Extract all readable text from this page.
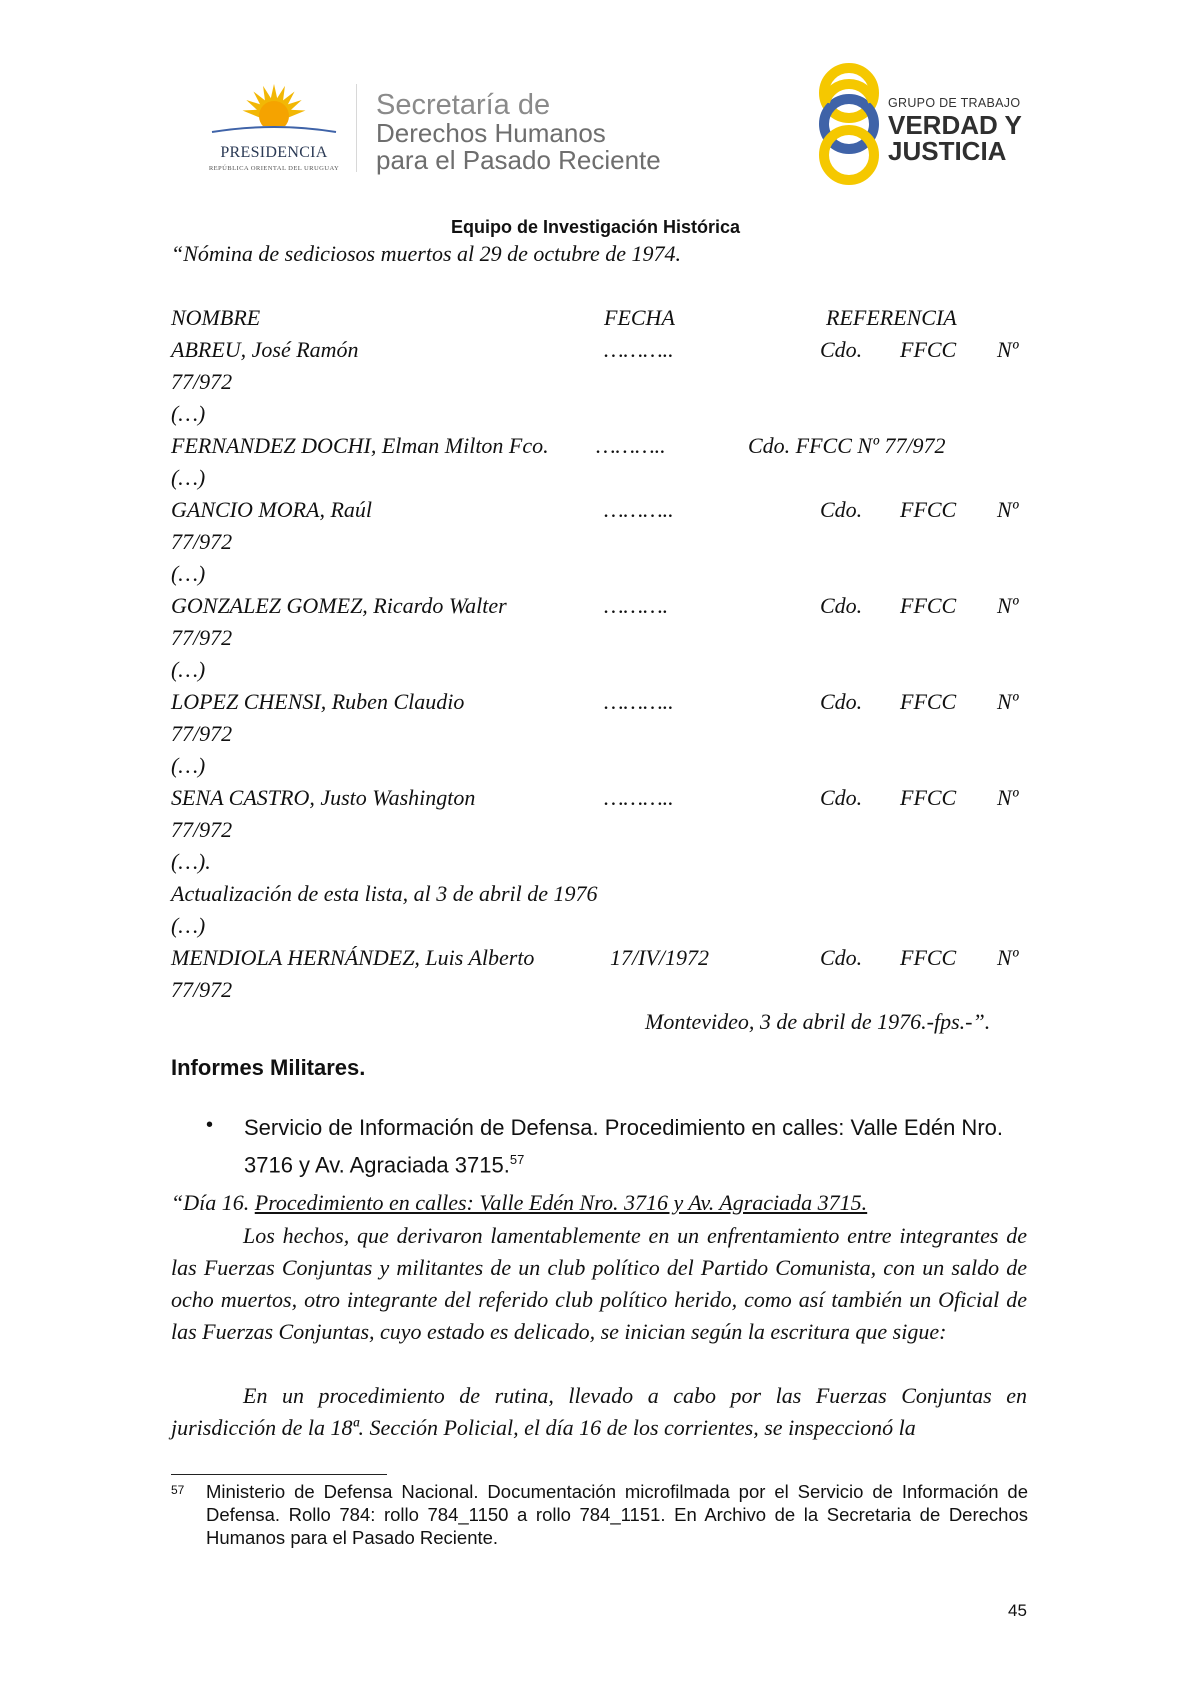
PRESIDENCIA
REPÚBLICA ORIENTAL DEL URUGUAY
Secretaría de
Derechos Humanos
para el Pasado Reciente
GRUPO DE TRABAJO
VERDAD Y
JUSTICIA
Equipo de Investigación Histórica
“Nómina de sediciosos muertos al 29 de octubre de 1974.
NOMBRE	FECHA	REFERENCIA
ABREU, José Ramón	………..	Cdo. FFCC Nº
77/972
(…)
FERNANDEZ DOCHI, Elman Milton Fco. ………..	Cdo. FFCC Nº 77/972
(…)
GANCIO MORA, Raúl	………..	Cdo. FFCC Nº
77/972
(…)
GONZALEZ GOMEZ, Ricardo Walter	……….	Cdo. FFCC Nº
77/972
(…)
LOPEZ CHENSI, Ruben Claudio	………..	Cdo. FFCC Nº
77/972
(…)
SENA CASTRO, Justo Washington	………..	Cdo. FFCC Nº
77/972
(…).
Actualización de esta lista, al 3 de abril de 1976
(…)
MENDIOLA HERNÁNDEZ, Luis Alberto	17/IV/1972	Cdo. FFCC Nº
77/972
Montevideo, 3 de abril de 1976.-fps.-”.
Informes Militares.
• Servicio de Información de Defensa. Procedimiento en calles: Valle Edén Nro. 3716 y Av. Agraciada 3715.57
“Día 16. Procedimiento en calles: Valle Edén Nro. 3716 y Av. Agraciada 3715.
Los hechos, que derivaron lamentablemente en un enfrentamiento entre integrantes de las Fuerzas Conjuntas y militantes de un club político del Partido Comunista, con un saldo de ocho muertos, otro integrante del referido club político herido, como así también un Oficial de las Fuerzas Conjuntas, cuyo estado es delicado, se inician según la escritura que sigue:
En un procedimiento de rutina, llevado a cabo por las Fuerzas Conjuntas en jurisdicción de la 18ª. Sección Policial, el día 16 de los corrientes, se inspeccionó la
57 Ministerio de Defensa Nacional. Documentación microfilmada por el Servicio de Información de Defensa. Rollo 784: rollo 784_1150 a rollo 784_1151. En Archivo de la Secretaria de Derechos Humanos para el Pasado Reciente.
45
